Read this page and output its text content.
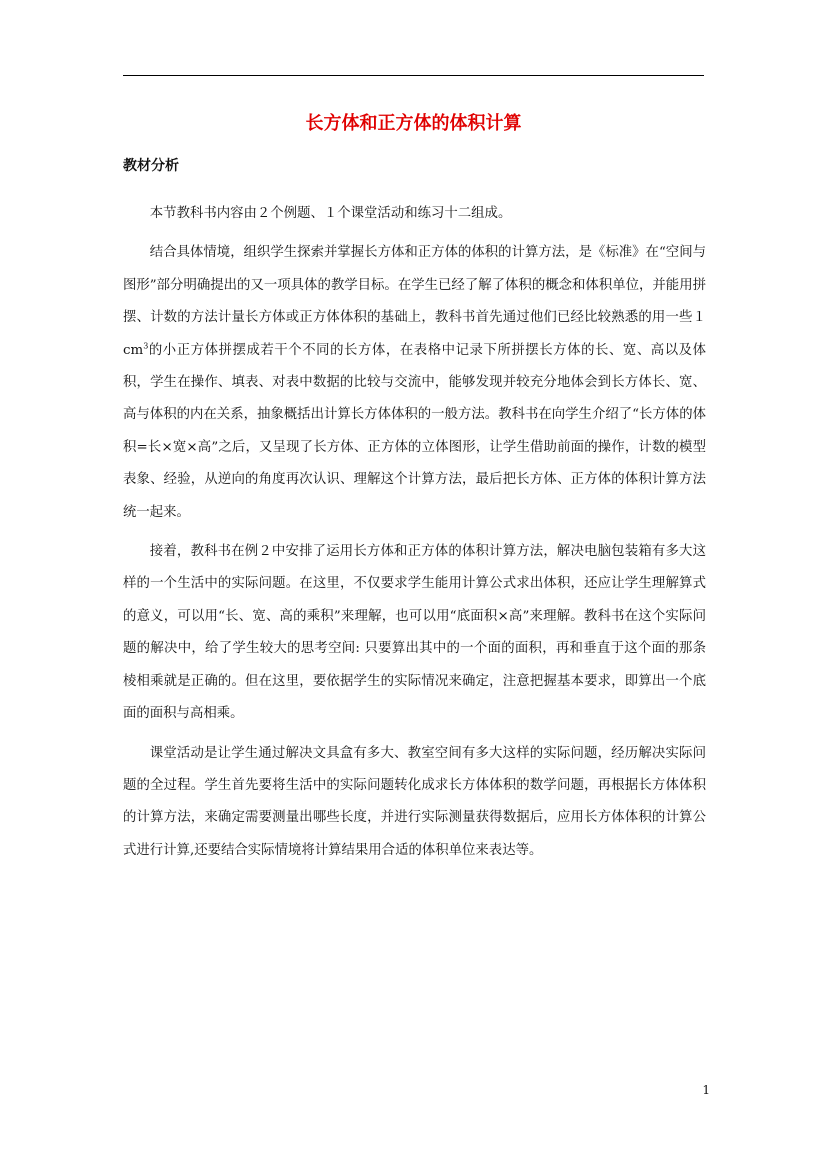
长方体和正方体的体积计算
教材分析

本节教科书内容由２个例题、１个课堂活动和练习十二组成。

结合具体情境，组织学生探索并掌握长方体和正方体的体积的计算方法，是《标准》在“空间与图形”部分明确提出的又一项具体的教学目标。在学生已经了解了体积的概念和体积单位，并能用拼摆、计数的方法计量长方体或正方体体积的基础上，教科书首先通过他们已经比较熟悉的用一些１ $cm^3$的小正方体拼摆成若干个不同的长方体，在表格中记录下所拼摆长方体的长、宽、高以及体积，学生在操作、填表、对表中数据的比较与交流中，能够发现并较充分地体会到长方体长、宽、高与体积的内在关系，抽象概括出计算长方体体积的一般方法。教科书在向学生介绍了“长方体的体积=长×宽×高”之后，又呈现了长方体、正方体的立体图形，让学生借助前面的操作，计数的模型表象、经验，从逆向的角度再次认识、理解这个计算方法，最后把长方体、正方体的体积计算方法统一起来。

接着，教科书在例２中安排了运用长方体和正方体的体积计算方法，解决电脑包装箱有多大这样的一个生活中的实际问题。在这里，不仅要求学生能用计算公式求出体积，还应让学生理解算式的意义，可以用“长、宽、高的乘积”来理解，也可以用“底面积×高”来理解。教科书在这个实际问题的解决中，给了学生较大的思考空间: 只要算出其中的一个面的面积，再和垂直于这个面的那条棱相乘就是正确的。但在这里，要依据学生的实际情况来确定，注意把握基本要求，即算出一个底面的面积与高相乘。

课堂活动是让学生通过解决文具盒有多大、教室空间有多大这样的实际问题，经历解决实际问题的全过程。学生首先要将生活中的实际问题转化成求长方体体积的数学问题，再根据长方体体积的计算方法，来确定需要测量出哪些长度，并进行实际测量获得数据后，应用长方体体积的计算公式进行计算,还要结合实际情境将计算结果用合适的体积单位来表达等。

1
